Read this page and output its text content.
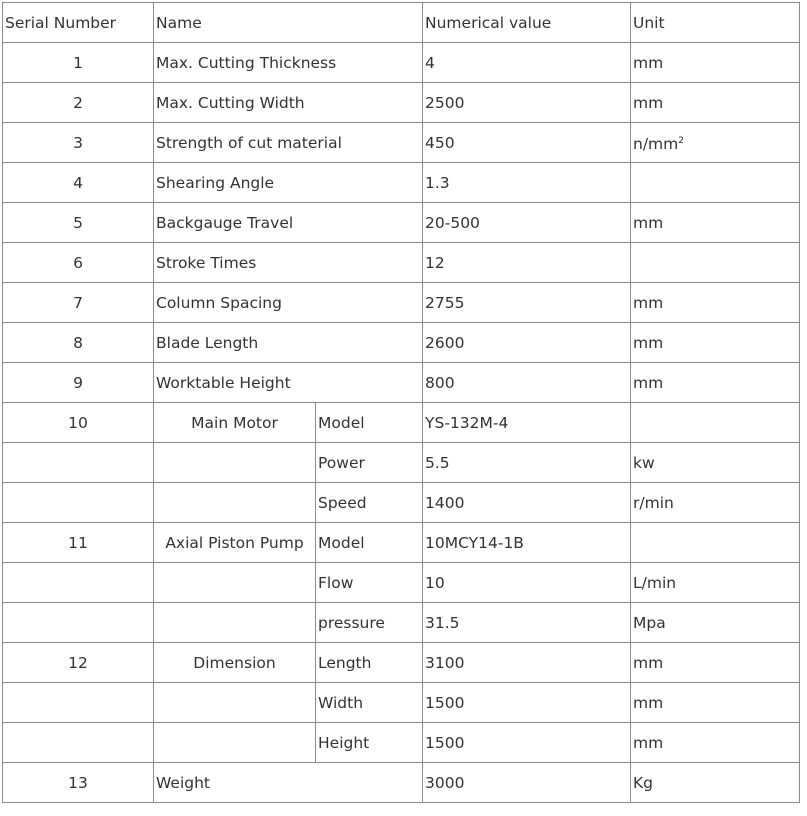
Serial Number	Name		Numerical value	Unit
1	Max. Cutting Thickness		4	mm
2	Max. Cutting Width		2500	mm
3	Strength of cut material		450	$n/mm^2$
4	Shearing Angle		1.3	
5	Backgauge Travel		20-500	mm
6	Stroke Times		12	
7	Column Spacing		2755	mm
8	Blade Length		2600	mm
9	Worktable Height		800	mm
10	Main Motor	Model	YS-132M-4	
		Power	5.5	kw
		Speed	1400	r/min
11	Axial Piston Pump	Model	10MCY14-1B	
		Flow	10	L/min
		pressure	31.5	Mpa
12	Dimension	Length	3100	mm
		Width	1500	mm
		Height	1500	mm
13	Weight		3000	Kg
